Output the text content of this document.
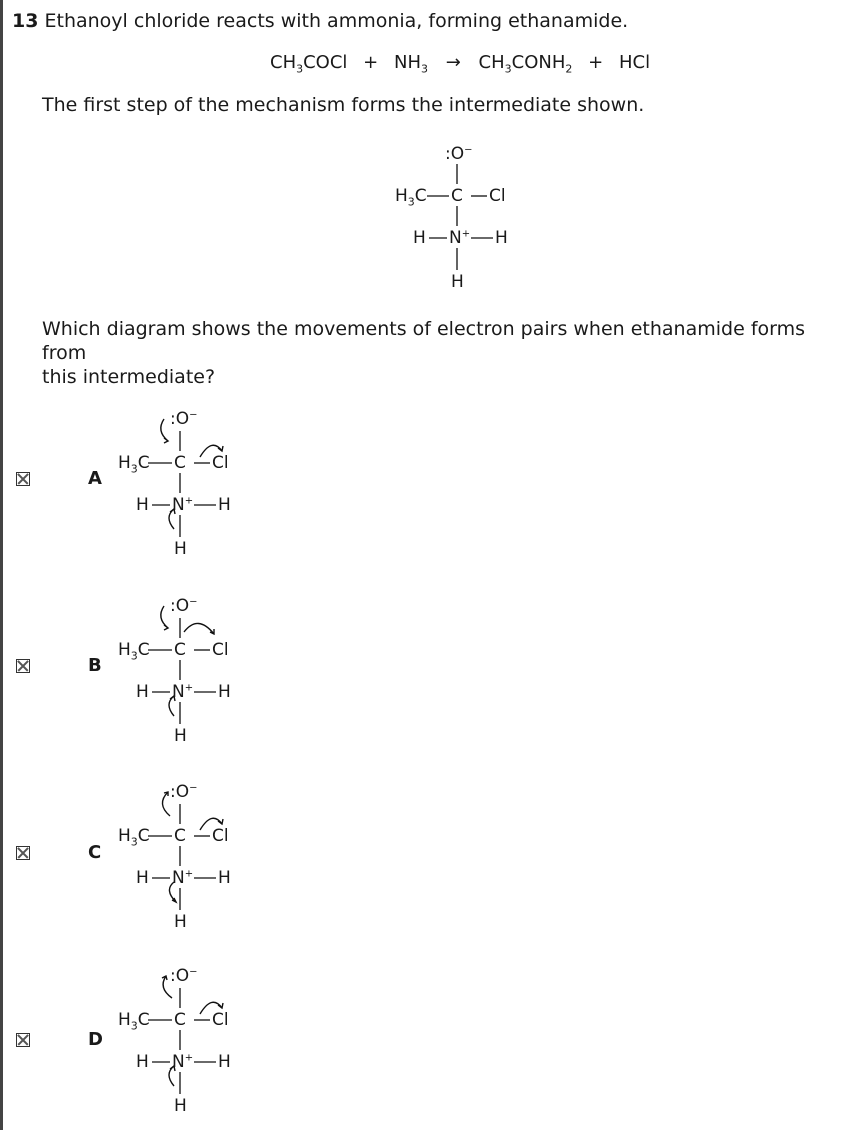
13 Ethanoyl chloride reacts with ammonia, forming ethanamide.
$CH_3COCl + NH_3$ → $CH_3CONH_2$ + HCl
The first step of the mechanism forms the intermediate shown.
:O−
$H_3C$ C Cl
H N+ H
H
Which diagram shows the movements of electron pairs when ethanamide forms from
this intermediate?
A
:O−
$H_3C$ C Cl
H N+ H
H
B
:O−
$H_3C$ C Cl
H N+ H
H
C
:O−
$H_3C$ C Cl
H N+ H
H
D
:O−
$H_3C$ C Cl
H N+ H
H
